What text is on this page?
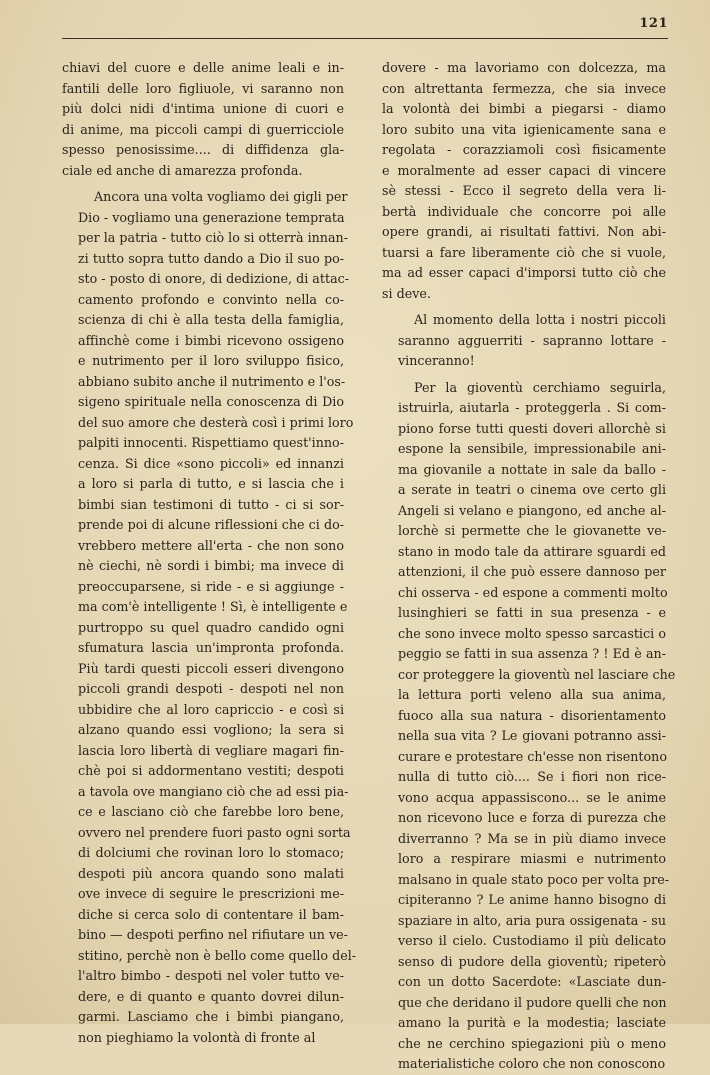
121

chiavi del cuore e delle anime leali e in-
fantili delle loro figliuole, vi saranno non
più dolci nidi d'intima unione di cuori e
di anime, ma piccoli campi di guerricciole
spesso penosissime.... di diffidenza gla-
ciale ed anche di amarezza profonda.

Ancora una volta vogliamo dei gigli per
Dio - vogliamo una generazione temprata
per la patria - tutto ciò lo si otterrà innan-
zi tutto sopra tutto dando a Dio il suo po-
sto - posto di onore, di dedizione, di attac-
camento profondo e convinto nella co-
scienza di chi è alla testa della famiglia,
affinchè come i bimbi ricevono ossigeno
e nutrimento per il loro sviluppo fisico,
abbiano subito anche il nutrimento e l'os-
sigeno spirituale nella conoscenza di Dio
del suo amore che desterà così i primi loro
palpiti innocenti. Rispettiamo quest'inno-
cenza. Si dice «sono piccoli» ed innanzi
a loro si parla di tutto, e si lascia che i
bimbi sian testimoni di tutto - ci si sor-
prende poi di alcune riflessioni che ci do-
vrebbero mettere all'erta - che non sono
nè ciechi, nè sordi i bimbi; ma invece di
preoccuparsene, si ride - e si aggiunge -
ma com'è intelligente ! Sì, è intelligente e
purtroppo su quel quadro candido ogni
sfumatura lascia un'impronta profonda.
Più tardi questi piccoli esseri divengono
piccoli grandi despoti - despoti nel non
ubbidire che al loro capriccio - e così si
alzano quando essi vogliono; la sera si
lascia loro libertà di vegliare magari fin-
chè poi si addormentano vestiti; despoti
a tavola ove mangiano ciò che ad essi pia-
ce e lasciano ciò che farebbe loro bene,
ovvero nel prendere fuori pasto ogni sorta
di dolciumi che rovinan loro lo stomaco;
despoti più ancora quando sono malati
ove invece di seguire le prescrizioni me-
diche si cerca solo di contentare il bam-
bino — despoti perfino nel rifiutare un ve-
stitino, perchè non è bello come quello del-
l'altro bimbo - despoti nel voler tutto ve-
dere, e di quanto e quanto dovrei dilun-
garmi. Lasciamo che i bimbi piangano,
non pieghiamo la volontà di fronte al

dovere - ma lavoriamo con dolcezza, ma
con altrettanta fermezza, che sia invece
la volontà dei bimbi a piegarsi - diamo
loro subito una vita igienicamente sana e
regolata - corazziamoli così fisicamente
e moralmente ad esser capaci di vincere
sè stessi - Ecco il segreto della vera li-
bertà individuale che concorre poi alle
opere grandi, ai risultati fattivi. Non abi-
tuarsi a fare liberamente ciò che si vuole,
ma ad esser capaci d'imporsi tutto ciò che
si deve.

Al momento della lotta i nostri piccoli
saranno agguerriti - sapranno lottare -
vinceranno!

Per la gioventù cerchiamo seguirla,
istruirla, aiutarla - proteggerla . Si com-
piono forse tutti questi doveri allorchè si
espone la sensibile, impressionabile ani-
ma giovanile a nottate in sale da ballo -
a serate in teatri o cinema ove certo gli
Angeli si velano e piangono, ed anche al-
lorchè si permette che le giovanette ve-
stano in modo tale da attirare sguardi ed
attenzioni, il che può essere dannoso per
chi osserva - ed espone a commenti molto
lusinghieri se fatti in sua presenza - e
che sono invece molto spesso sarcastici o
peggio se fatti in sua assenza ? ! Ed è an-
cor proteggere la gioventù nel lasciare che
la lettura porti veleno alla sua anima,
fuoco alla sua natura - disorientamento
nella sua vita ? Le giovani potranno assi-
curare e protestare ch'esse non risentono
nulla di tutto ciò.... Se i fiori non rice-
vono acqua appassiscono... se le anime
non ricevono luce e forza di purezza che
diverranno ? Ma se in più diamo invece
loro a respirare miasmi e nutrimento
malsano in quale stato poco per volta pre-
cipiteranno ? Le anime hanno bisogno di
spaziare in alto, aria pura ossigenata - su
verso il cielo. Custodiamo il più delicato
senso di pudore della gioventù; ripeterò
con un dotto Sacerdote: «Lasciate dun-
que che deridano il pudore quelli che non
amano la purità e la modestia; lasciate
che ne cerchino spiegazioni più o meno
materialistiche coloro che non conoscono
